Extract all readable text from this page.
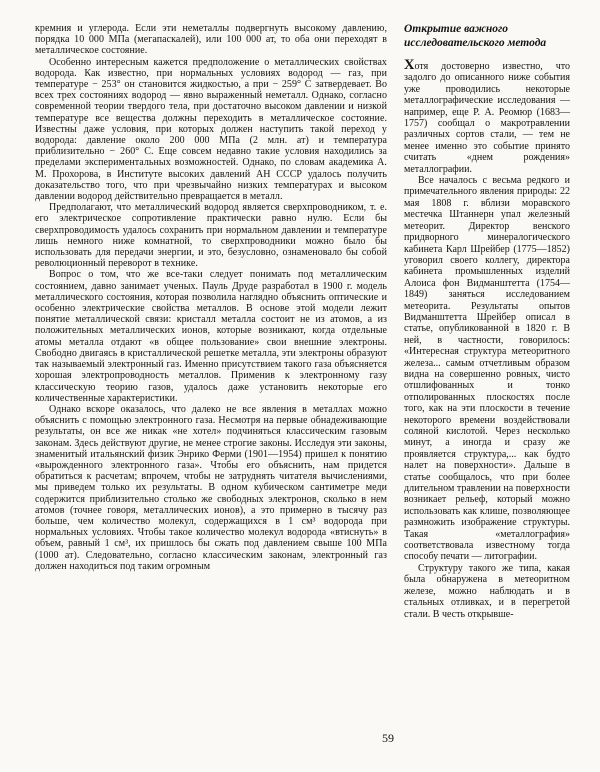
кремния и углерода. Если эти неметаллы подвергнуть высокому давлению, порядка 10 000 МПа (мегапаскалей), или 100 000 ат, то оба они переходят в металлическое состояние.

Особенно интересным кажется предположение о металлических свойствах водорода. Как известно, при нормальных условиях водород — газ, при температуре − 253° он становится жидкостью, а при − 259° С затвердевает. Во всех трех состояниях водород — явно выраженный неметалл. Однако, согласно современной теории твердого тела, при достаточно высоком давлении и низкой температуре все вещества должны переходить в металлическое состояние. Известны даже условия, при которых должен наступить такой переход у водорода: давление около 200 000 МПа (2 млн. ат) и температура приблизительно − 260° С. Еще совсем недавно такие условия находились за пределами экспериментальных возможностей. Однако, по словам академика А. М. Прохорова, в Институте высоких давлений АН СССР удалось получить доказательство того, что при чрезвычайно низких температурах и высоком давлении водород действительно превращается в металл.

Предполагают, что металлический водород является сверхпроводником, т. е. его электрическое сопротивление практически равно нулю. Если бы сверхпроводимость удалось сохранить при нормальном давлении и температуре лишь немного ниже комнатной, то сверхпроводники можно было бы использовать для передачи энергии, и это, безусловно, ознаменовало бы собой революционный переворот в технике.

Вопрос о том, что же все-таки следует понимать под металлическим состоянием, давно занимает ученых. Пауль Друде разработал в 1900 г. модель металлического состояния, которая позволила наглядно объяснить оптические и особенно электрические свойства металлов. В основе этой модели лежит понятие металлической связи: кристалл металла состоит не из атомов, а из положительных металлических ионов, которые возникают, когда отдельные атомы металла отдают «в общее пользование» свои внешние электроны. Свободно двигаясь в кристаллической решетке металла, эти электроны образуют так называемый электронный газ. Именно присутствием такого газа объясняется хорошая электропроводность металлов. Применив к электронному газу классическую теорию газов, удалось даже установить некоторые его количественные характеристики.

Однако вскоре оказалось, что далеко не все явления в металлах можно объяснить с помощью электронного газа. Несмотря на первые обнадеживающие результаты, он все же никак «не хотел» подчиняться классическим газовым законам. Здесь действуют другие, не менее строгие законы. Исследуя эти законы, знаменитый итальянский физик Энрико Ферми (1901—1954) пришел к понятию «вырожденного электронного газа». Чтобы его объяснить, нам придется обратиться к расчетам; впрочем, чтобы не затруднять читателя вычислениями, мы приведем только их результаты. В одном кубическом сантиметре меди содержится приблизительно столько же свободных электронов, сколько в нем атомов (точнее говоря, металлических ионов), а это примерно в тысячу раз больше, чем количество молекул, содержащихся в 1 см³ водорода при нормальных условиях. Чтобы такое количество молекул водорода «втиснуть» в объем, равный 1 см³, их пришлось бы сжать под давлением свыше 100 МПа (1000 ат). Следовательно, согласно классическим законам, электронный газ должен находиться под таким огромным

Открытие важного исследовательского метода

Хотя достоверно известно, что задолго до описанного ниже события уже проводились некоторые металлографические исследования — например, еще Р. А. Реомюр (1683—1757) сообщал о макротравлении различных сортов стали, — тем не менее именно это событие принято считать «днем рождения» металлографии.

Все началось с весьма редкого и примечательного явления природы: 22 мая 1808 г. вблизи моравского местечка Штаннерн упал железный метеорит. Директор венского придворного минералогического кабинета Карл Шрейбер (1775—1852) уговорил своего коллегу, директора кабинета промышленных изделий Алоиса фон Видманштетта (1754—1849) заняться исследованием метеорита. Результаты опытов Видманштетта Шрейбер описал в статье, опубликованной в 1820 г. В ней, в частности, говорилось: «Интересная структура метеоритного железа... самым отчетливым образом видна на совершенно ровных, чисто отшлифованных и тонко отполированных плоскостях после того, как на эти плоскости в течение некоторого времени воздействовали соляной кислотой. Через несколько минут, а иногда и сразу же проявляется структура,... как будто налет на поверхности». Дальше в статье сообщалось, что при более длительном травлении на поверхности возникает рельеф, который можно использовать как клише, позволяющее размножить изображение структуры. Такая «металлография» соответствовала известному тогда способу печати — литографии.

Структуру такого же типа, какая была обнаружена в метеоритном железе, можно наблюдать и в стальных отливках, и в перегретой стали. В честь открывше-

59
